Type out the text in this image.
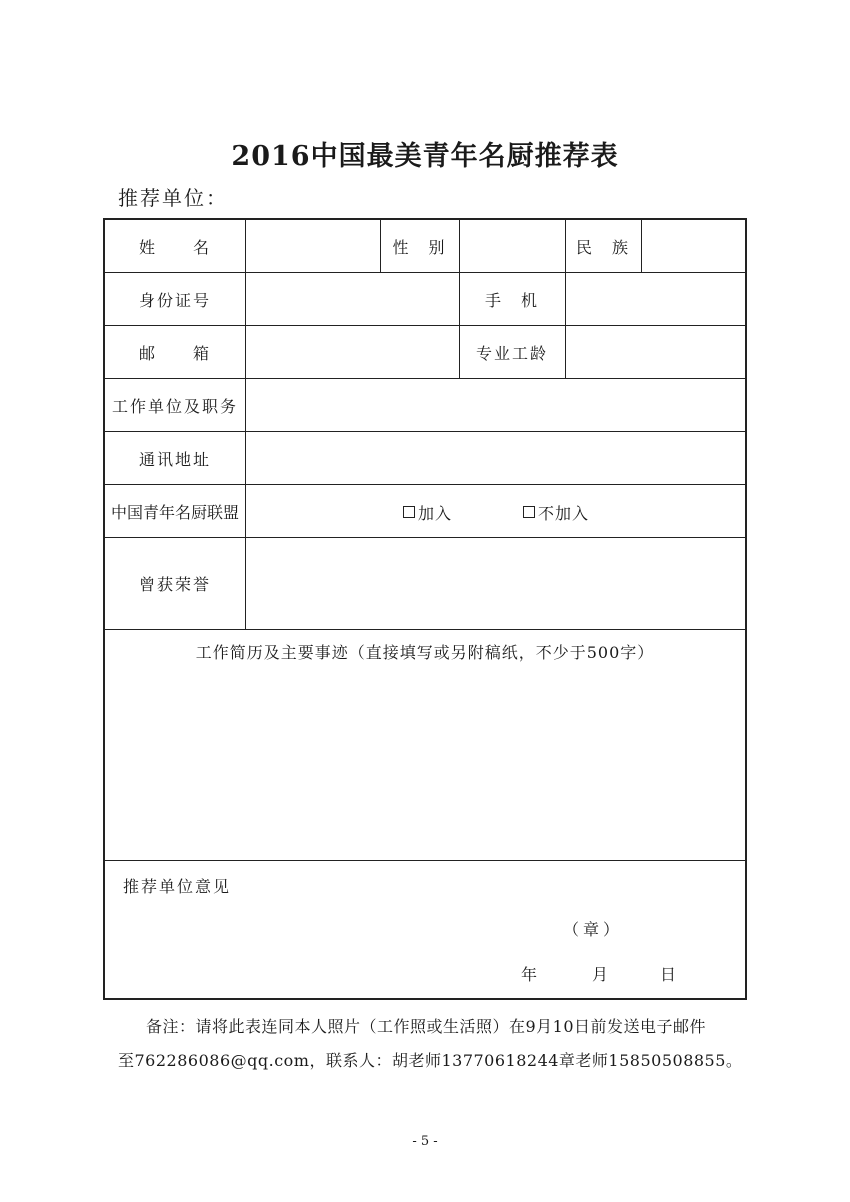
2016中国最美青年名厨推荐表
推荐单位：
姓　　名	性　别	民　族
身份证号	手　机
邮　　箱	专业工龄
工作单位及职务
通讯地址
中国青年名厨联盟	加入	不加入
曾获荣誉
工作简历及主要事迹（直接填写或另附稿纸，不少于500字）
推荐单位意见
（章）
年	月	日
备注：请将此表连同本人照片（工作照或生活照）在9月10日前发送电子邮件
至762286086@qq.com，联系人：胡老师13770618244章老师15850508855。
- 5 -
